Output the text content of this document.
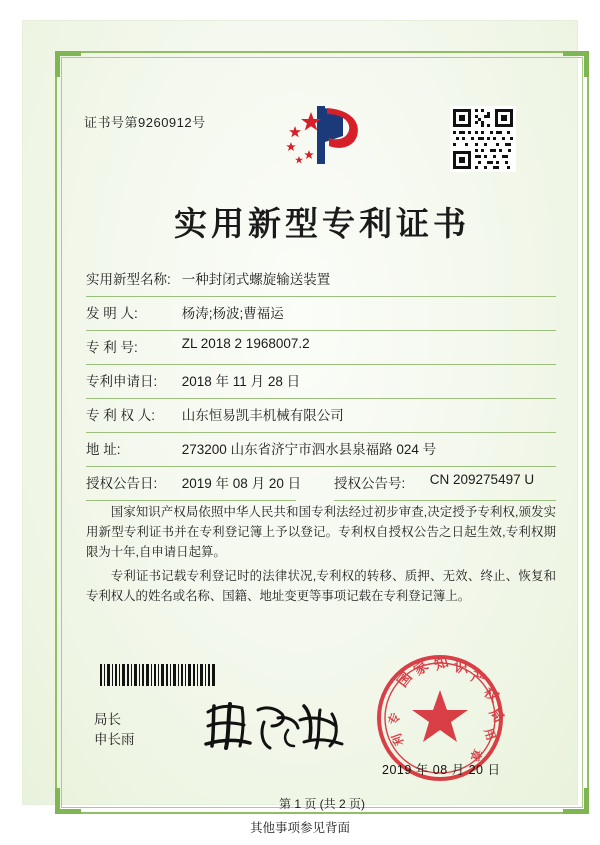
证书号第9260912号
实用新型专利证书
实用新型名称: 一种封闭式螺旋输送装置
发 明 人:	杨涛;杨波;曹福运
专 利 号:	ZL 2018 2 1968007.2
专利申请日: 2018 年 11 月 28 日
专 利 权 人: 山东恒易凯丰机械有限公司
地 址:	273200 山东省济宁市泗水县泉福路 024 号
授权公告日: 2019 年 08 月 20 日 授权公告号: CN 209275497 U

国家知识产权局依照中华人民共和国专利法经过初步审查,决定授予专利权,颁发实用新型专利证书并在专利登记簿上予以登记。专利权自授权公告之日起生效,专利权期限为十年,自申请日起算。

专利证书记载专利登记时的法律状况,专利权的转移、质押、无效、终止、恢复和专利权人的姓名或名称、国籍、地址变更等事项记载在专利登记簿上。

局长
申长雨
国
家 知 识
产
权
局
专
利
章
用
2019 年 08 月 20 日
第 1 页 (共 2 页)
其他事项参见背面
